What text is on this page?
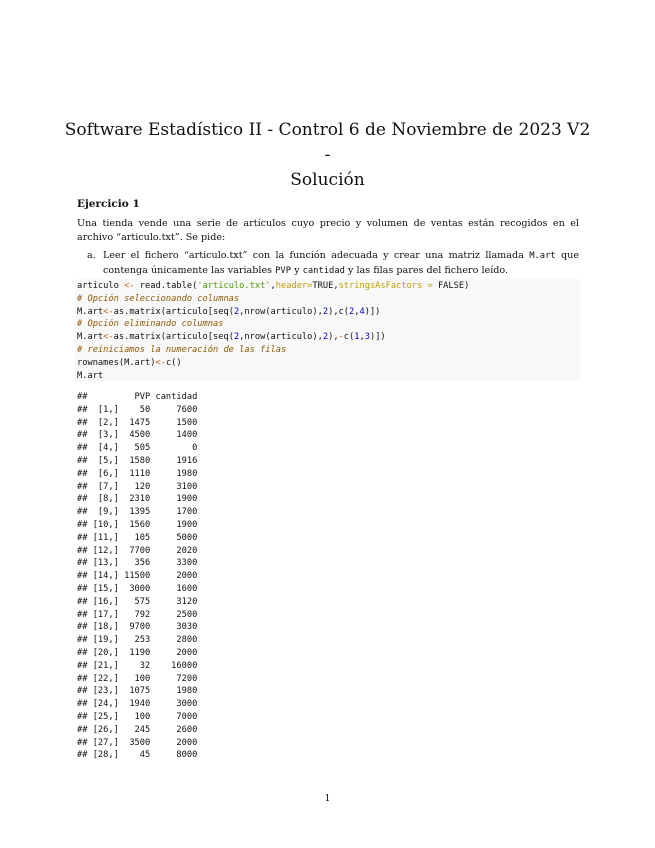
Software Estadístico II - Control 6 de Noviembre de 2023 V2 -
Solución
Ejercicio 1
Una tienda vende una serie de artículos cuyo precio y volumen de ventas están recogidos en el archivo “articulo.txt”. Se pide:
a. Leer el fichero “articulo.txt” con la función adecuada y crear una matriz llamada M.art que contenga únicamente las variables PVP y cantidad y las filas pares del fichero leído.
articulo <- read.table('articulo.txt',header=TRUE,stringsAsFactors = FALSE)
# Opción seleccionando columnas
M.art<-as.matrix(articulo[seq(2,nrow(articulo),2),c(2,4)])
# Opción eliminando columnas
M.art<-as.matrix(articulo[seq(2,nrow(articulo),2),-c(1,3)])
# reiniciamos la numeración de las filas
rownames(M.art)<-c()
M.art
##         PVP cantidad
##  [1,]    50     7600
##  [2,]  1475     1500
##  [3,]  4500     1400
##  [4,]   505        0
##  [5,]  1580     1916
##  [6,]  1110     1980
##  [7,]   120     3100
##  [8,]  2310     1900
##  [9,]  1395     1700
## [10,]  1560     1900
## [11,]   105     5000
## [12,]  7700     2020
## [13,]   356     3300
## [14,] 11500     2000
## [15,]  3000     1600
## [16,]   575     3120
## [17,]   792     2500
## [18,]  9700     3030
## [19,]   253     2800
## [20,]  1190     2000
## [21,]    32    16000
## [22,]   100     7200
## [23,]  1075     1980
## [24,]  1940     3000
## [25,]   100     7000
## [26,]   245     2600
## [27,]  3500     2000
## [28,]    45     8000
1
